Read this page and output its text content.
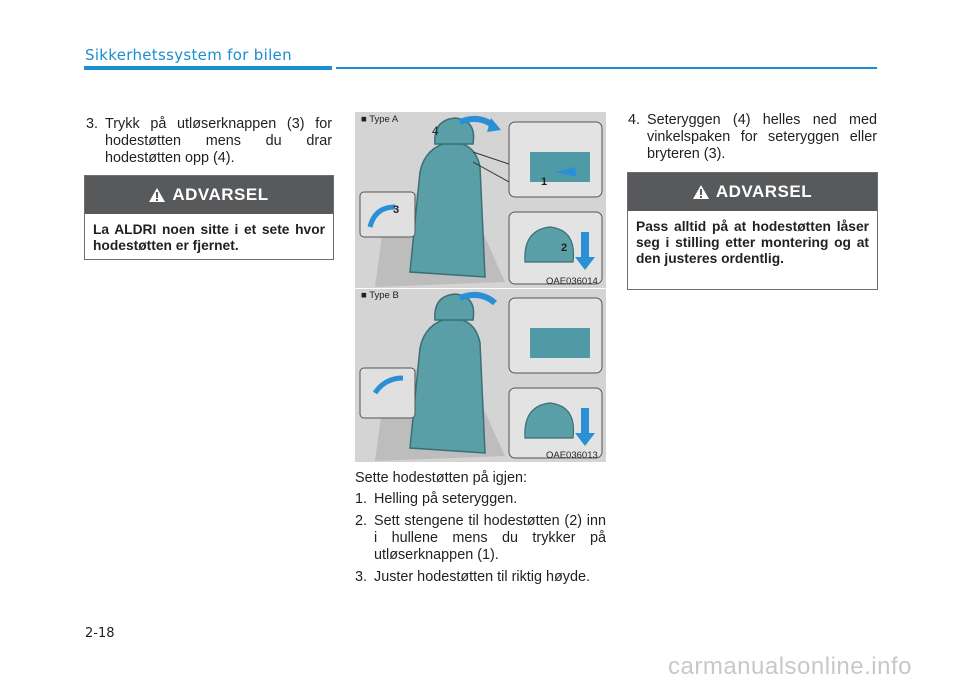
Sikkerhetssystem for bilen

3. Trykk på utløserknappen (3) for hodestøtten mens du drar hodestøtten opp (4).

ADVARSEL
La ALDRI noen sitte i et sete hvor hodestøtten er fjernet.
■ Type A
OAE036014
4
3
1
2
■ Type B
OAE036013

Sette hodestøtten på igjen:

1. Helling på seteryggen.

2. Sett stengene til hodestøtten (2) inn i hullene mens du trykker på utløserknappen (1).

3. Juster hodestøtten til riktig høyde.

4. Seteryggen (4) helles ned med vinkelspaken for seteryggen eller bryteren (3).

ADVARSEL
Pass alltid på at hodestøtten låser seg i stilling etter montering og at den justeres ordentlig.
2-18
carmanualsonline.info
